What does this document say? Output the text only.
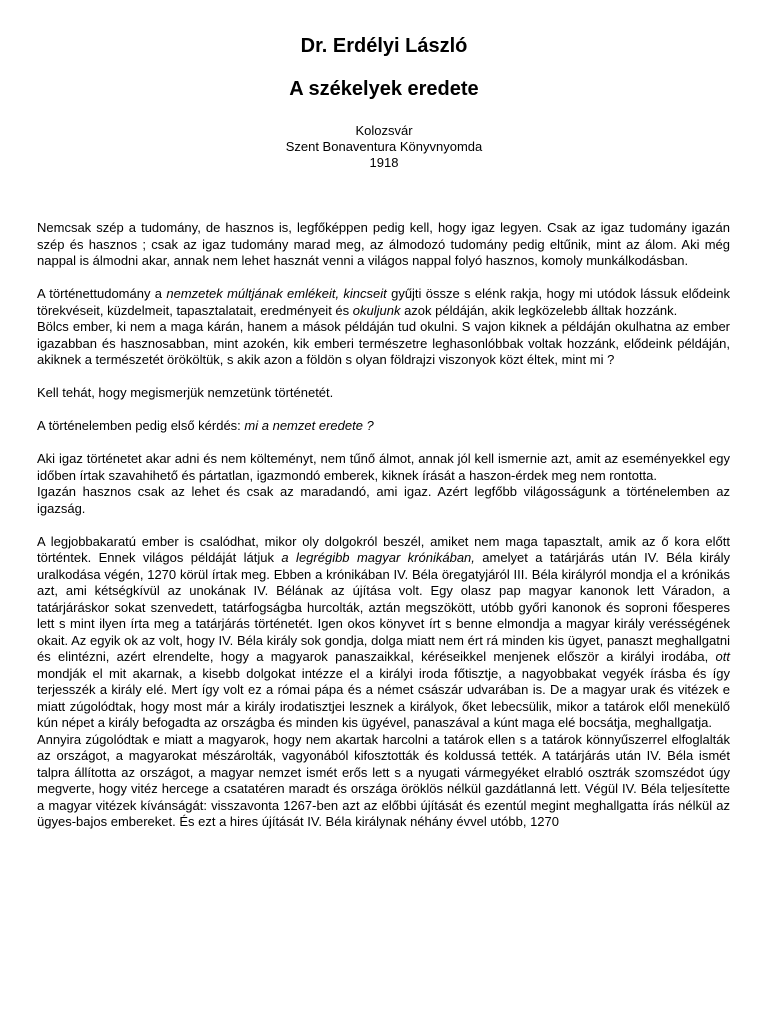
Dr. Erdélyi László
A székelyek eredete
Kolozsvár
Szent Bonaventura Könyvnyomda
1918

Nemcsak szép a tudomány, de hasznos is, legfőképpen pedig kell, hogy igaz legyen. Csak az igaz tudomány igazán szép és hasznos ; csak az igaz tudomány marad meg, az álmodozó tudomány pedig eltűnik, mint az álom. Aki még nappal is álmodni akar, annak nem lehet hasznát venni a világos nappal folyó hasznos, komoly munkálkodásban.

A történettudomány a nemzetek múltjának emlékeit, kincseit gyűjti össze s elénk rakja, hogy mi utódok lássuk elődeink törekvéseit, küzdelmeit, tapasztalatait, eredményeit és okuljunk azok példáján, akik legközelebb álltak hozzánk.

Bölcs ember, ki nem a maga kárán, hanem a mások példáján tud okulni. S vajon kiknek a példáján okulhatna az ember igazabban és hasznosabban, mint azokén, kik emberi természetre leghasonlóbbak voltak hozzánk, elődeink példáján, akiknek a természetét örököltük, s akik azon a földön s olyan földrajzi viszonyok közt éltek, mint mi ?

Kell tehát, hogy megismerjük nemzetünk történetét.

A történelemben pedig első kérdés: mi a nemzet eredete ?

Aki igaz történetet akar adni és nem költeményt, nem tűnő álmot, annak jól kell ismernie azt, amit az eseményekkel egy időben írtak szavahihető és pártatlan, igazmondó emberek, kiknek írását a haszon-érdek meg nem rontotta.

Igazán hasznos csak az lehet és csak az maradandó, ami igaz. Azért legfőbb világosságunk a történelemben az igazság.

A legjobbakaratú ember is csalódhat, mikor oly dolgokról beszél, amiket nem maga tapasztalt, amik az ő kora előtt történtek. Ennek világos példáját látjuk a legrégibb magyar krónikában, amelyet a tatárjárás után IV. Béla király uralkodása végén, 1270 körül írtak meg. Ebben a krónikában IV. Béla öregatyjáról III. Béla királyról mondja el a krónikás azt, ami kétségkívül az unokának IV. Bélának az újítása volt. Egy olasz pap magyar kanonok lett Váradon, a tatárjáráskor sokat szenvedett, tatárfogságba hurcolták, aztán megszökött, utóbb győri kanonok és soproni főesperes lett s mint ilyen írta meg a tatárjárás történetét. Igen okos könyvet írt s benne elmondja a magyar király verésségének okait. Az egyik ok az volt, hogy IV. Béla király sok gondja, dolga miatt nem ért rá minden kis ügyet, panaszt meghallgatni és elintézni, azért elrendelte, hogy a magyarok panaszaikkal, kéréseikkel menjenek először a királyi irodába, ott mondják el mit akarnak, a kisebb dolgokat intézze el a királyi iroda főtisztje, a nagyobbakat vegyék írásba és így terjesszék a király elé. Mert így volt ez a római pápa és a német császár udvarában is. De a magyar urak és vitézek e miatt zúgolódtak, hogy most már a király irodatisztjei lesznek a királyok, őket lebecsülik, mikor a tatárok elől menekülő kún népet a király befogadta az országba és minden kis ügyével, panaszával a kúnt maga elé bocsátja, meghallgatja.

Annyira zúgolódtak e miatt a magyarok, hogy nem akartak harcolni a tatárok ellen s a tatárok könnyűszerrel elfoglalták az országot, a magyarokat mészárolták, vagyonából kifosztották és koldussá tették. A tatárjárás után IV. Béla ismét talpra állította az országot, a magyar nemzet ismét erős lett s a nyugati vármegyéket elrabló osztrák szomszédot úgy megverte, hogy vitéz hercege a csatatéren maradt és országa öröklös nélkül gazdátlanná lett. Végül IV. Béla teljesítette a magyar vitézek kívánságát: visszavonta 1267-ben azt az előbbi újítását és ezentúl megint meghallgatta írás nélkül az ügyes-bajos embereket. És ezt a hires újítását IV. Béla királynak néhány évvel utóbb, 1270
